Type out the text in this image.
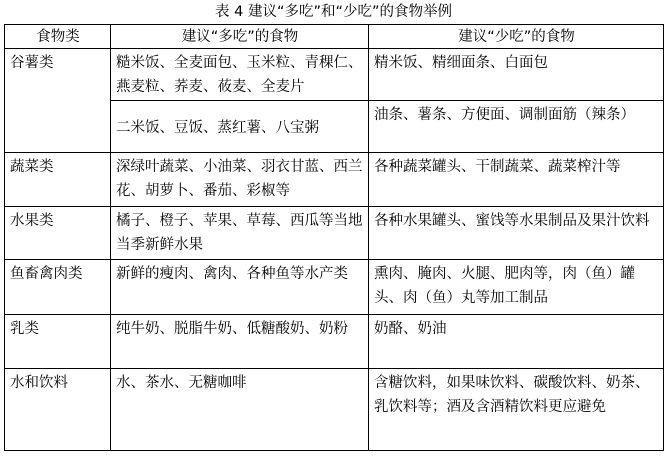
表 4 建议“多吃”和“少吃”的食物举例
食物类	建议“多吃”的食物	建议“少吃”的食物
谷薯类	糙米饭、全麦面包、玉米粒、青稞仁、燕麦粒、荞麦、莜麦、全麦片	精米饭、精细面条、白面包
	二米饭、豆饭、蒸红薯、八宝粥	油条、薯条、方便面、调制面筋（辣条）
蔬菜类	深绿叶蔬菜、小油菜、羽衣甘蓝、西兰花、胡萝卜、番茄、彩椒等	各种蔬菜罐头、干制蔬菜、蔬菜榨汁等
水果类	橘子、橙子、苹果、草莓、西瓜等当地当季新鲜水果	各种水果罐头、蜜饯等水果制品及果汁饮料
鱼畜禽肉类	新鲜的瘦肉、禽肉、各种鱼等水产类	熏肉、腌肉、火腿、肥肉等，肉（鱼）罐头、肉（鱼）丸等加工制品
乳类	纯牛奶、脱脂牛奶、低糖酸奶、奶粉	奶酪、奶油
水和饮料	水、茶水、无糖咖啡	含糖饮料，如果味饮料、碳酸饮料、奶茶、乳饮料等；酒及含酒精饮料更应避免
